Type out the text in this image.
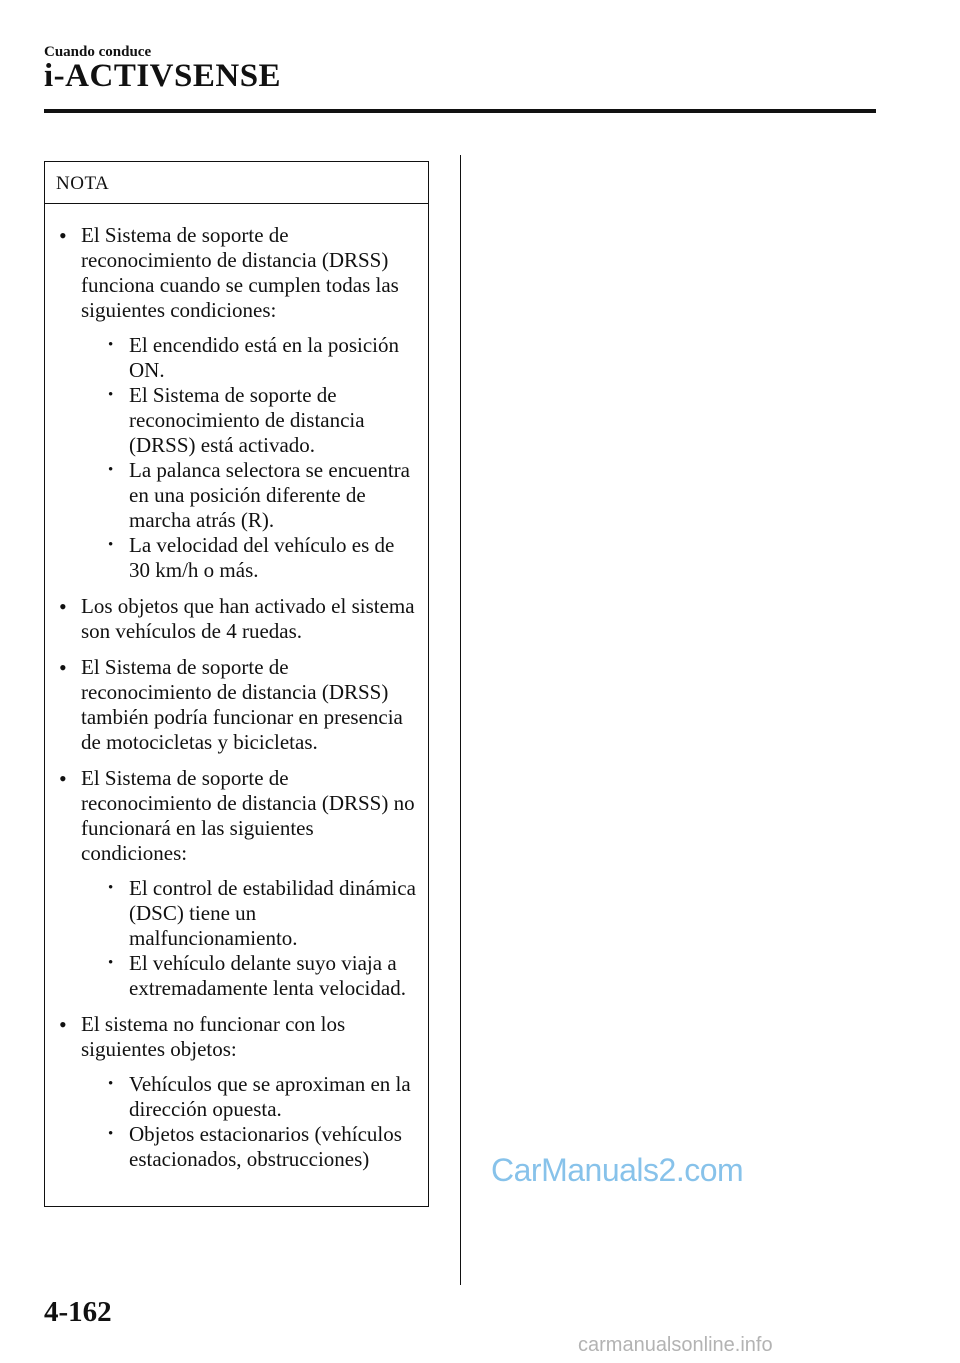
Cuando conduce
i-ACTIVSENSE
NOTA
• El Sistema de soporte de reconocimiento de distancia (DRSS) funciona cuando se cumplen todas las siguientes condiciones:
• El encendido está en la posición ON.
• El Sistema de soporte de reconocimiento de distancia (DRSS) está activado.
• La palanca selectora se encuentra en una posición diferente de marcha atrás (R).
• La velocidad del vehículo es de 30 km/h o más.
• Los objetos que han activado el sistema son vehículos de 4 ruedas.
• El Sistema de soporte de reconocimiento de distancia (DRSS) también podría funcionar en presencia de motocicletas y bicicletas.
• El Sistema de soporte de reconocimiento de distancia (DRSS) no funcionará en las siguientes condiciones:
• El control de estabilidad dinámica (DSC) tiene un malfuncionamiento.
• El vehículo delante suyo viaja a extremadamente lenta velocidad.
• El sistema no funcionar con los siguientes objetos:
• Vehículos que se aproximan en la dirección opuesta.
• Objetos estacionarios (vehículos estacionados, obstrucciones)	CarManuals2.com
4-162
carmanualsonline.info
